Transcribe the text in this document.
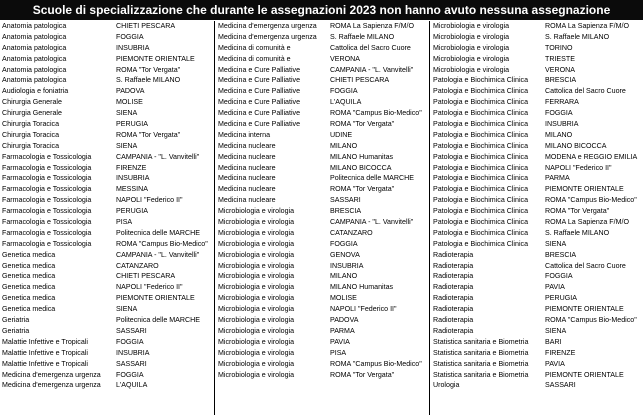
Scuole di specializzazione che durante le assegnazioni 2023 non hanno avuto nessuna assegnazione
Anatomia patologica	CHIETI PESCARA
Anatomia patologica	FOGGIA
Anatomia patologica	INSUBRIA
Anatomia patologica	PIEMONTE ORIENTALE
Anatomia patologica	ROMA "Tor Vergata"
Anatomia patologica	S. Raffaele MILANO
Audiologia e foniatria	PADOVA
Chirurgia Generale	MOLISE
Chirurgia Generale	SIENA
Chirurgia Toracica	PERUGIA
Chirurgia Toracica	ROMA "Tor Vergata"
Chirurgia Toracica	SIENA
Farmacologia e Tossicologia	CAMPANIA - "L. Vanvitelli"
Farmacologia e Tossicologia	FIRENZE
Farmacologia e Tossicologia	INSUBRIA
Farmacologia e Tossicologia	MESSINA
Farmacologia e Tossicologia	NAPOLI "Federico II"
Farmacologia e Tossicologia	PERUGIA
Farmacologia e Tossicologia	PISA
Farmacologia e Tossicologia	Politecnica delle MARCHE
Farmacologia e Tossicologia	ROMA "Campus Bio-Medico"
Genetica medica	CAMPANIA - "L. Vanvitelli"
Genetica medica	CATANZARO
Genetica medica	CHIETI PESCARA
Genetica medica	NAPOLI "Federico II"
Genetica medica	PIEMONTE ORIENTALE
Genetica medica	SIENA
Geriatria	Politecnica delle MARCHE
Geriatria	SASSARI
Malattie Infettive e Tropicali	FOGGIA
Malattie Infettive e Tropicali	INSUBRIA
Malattie Infettive e Tropicali	SASSARI
Medicina d'emergenza urgenza	FOGGIA
Medicina d'emergenza urgenza	L'AQUILA
Medicina d'emergenza urgenza	ROMA La Sapienza F/M/O
Medicina d'emergenza urgenza	S. Raffaele MILANO
Medicina di comunità e	Cattolica del Sacro Cuore
Medicina di comunità e	VERONA
Medicina e Cure Palliative	CAMPANIA - "L. Vanvitelli"
Medicina e Cure Palliative	CHIETI PESCARA
Medicina e Cure Palliative	FOGGIA
Medicina e Cure Palliative	L'AQUILA
Medicina e Cure Palliative	ROMA "Campus Bio-Medico"
Medicina e Cure Palliative	ROMA "Tor Vergata"
Medicina interna	UDINE
Medicina nucleare	MILANO
Medicina nucleare	MILANO Humanitas
Medicina nucleare	MILANO BICOCCA
Medicina nucleare	Politecnica delle MARCHE
Medicina nucleare	ROMA "Tor Vergata"
Medicina nucleare	SASSARI
Microbiologia e virologia	BRESCIA
Microbiologia e virologia	CAMPANIA - "L. Vanvitelli"
Microbiologia e virologia	CATANZARO
Microbiologia e virologia	FOGGIA
Microbiologia e virologia	GENOVA
Microbiologia e virologia	INSUBRIA
Microbiologia e virologia	MILANO
Microbiologia e virologia	MILANO Humanitas
Microbiologia e virologia	MOLISE
Microbiologia e virologia	NAPOLI "Federico II"
Microbiologia e virologia	PADOVA
Microbiologia e virologia	PARMA
Microbiologia e virologia	PAVIA
Microbiologia e virologia	PISA
Microbiologia e virologia	ROMA "Campus Bio-Medico"
Microbiologia e virologia	ROMA "Tor Vergata"
Microbiologia e virologia	ROMA La Sapienza F/M/O
Microbiologia e virologia	S. Raffaele MILANO
Microbiologia e virologia	TORINO
Microbiologia e virologia	TRIESTE
Microbiologia e virologia	VERONA
Patologia e Biochimica Clinica	BRESCIA
Patologia e Biochimica Clinica	Cattolica del Sacro Cuore
Patologia e Biochimica Clinica	FERRARA
Patologia e Biochimica Clinica	FOGGIA
Patologia e Biochimica Clinica	INSUBRIA
Patologia e Biochimica Clinica	MILANO
Patologia e Biochimica Clinica	MILANO BICOCCA
Patologia e Biochimica Clinica	MODENA e REGGIO EMILIA
Patologia e Biochimica Clinica	NAPOLI "Federico II"
Patologia e Biochimica Clinica	PARMA
Patologia e Biochimica Clinica	PIEMONTE ORIENTALE
Patologia e Biochimica Clinica	ROMA "Campus Bio-Medico"
Patologia e Biochimica Clinica	ROMA "Tor Vergata"
Patologia e Biochimica Clinica	ROMA La Sapienza F/M/O
Patologia e Biochimica Clinica	S. Raffaele MILANO
Patologia e Biochimica Clinica	SIENA
Radioterapia	BRESCIA
Radioterapia	Cattolica del Sacro Cuore
Radioterapia	FOGGIA
Radioterapia	PAVIA
Radioterapia	PERUGIA
Radioterapia	PIEMONTE ORIENTALE
Radioterapia	ROMA "Campus Bio-Medico"
Radioterapia	SIENA
Statistica sanitaria e Biometria	BARI
Statistica sanitaria e Biometria	FIRENZE
Statistica sanitaria e Biometria	PAVIA
Statistica sanitaria e Biometria	PIEMONTE ORIENTALE
Urologia	SASSARI
